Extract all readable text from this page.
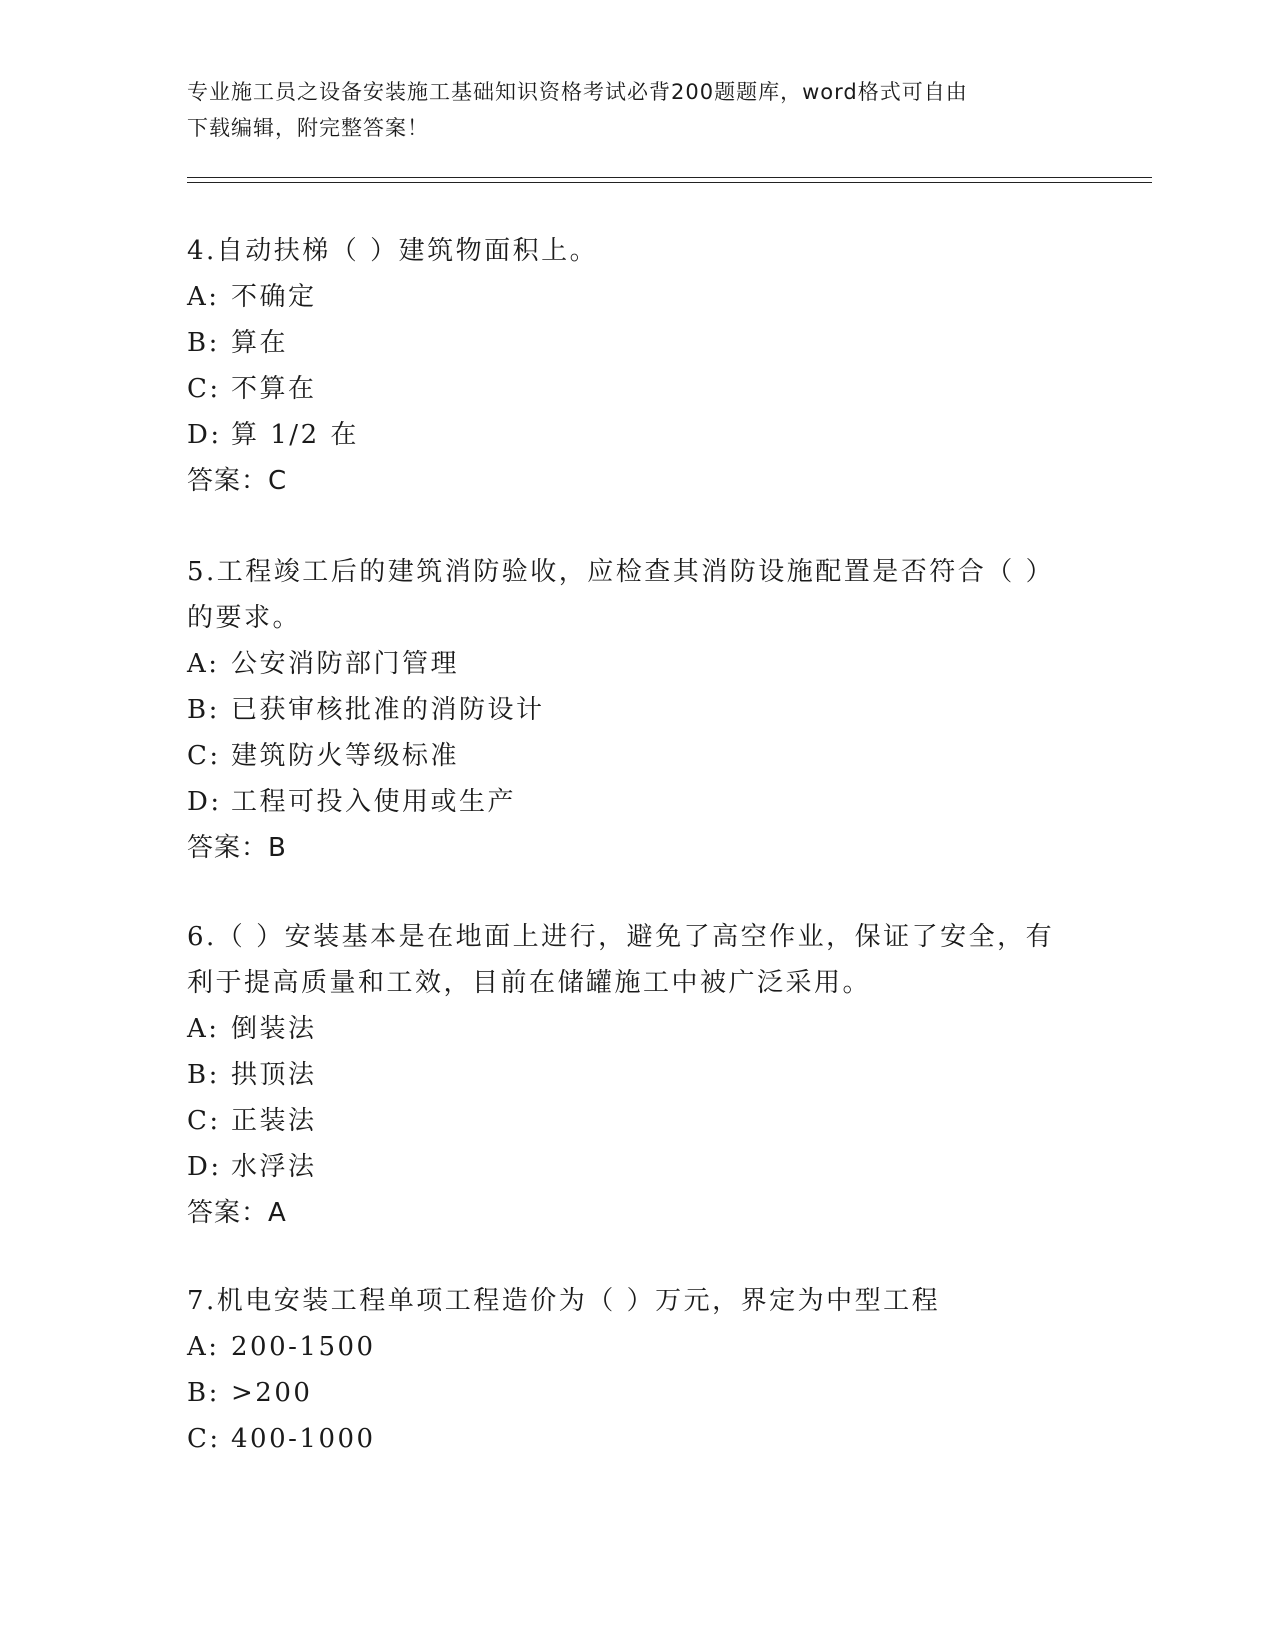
专业施工员之设备安装施工基础知识资格考试必背200题题库，word格式可自由
下载编辑，附完整答案！
4.自动扶梯（ ）建筑物面积上。
A: 不确定
B: 算在
C: 不算在
D: 算 1/2 在
答案：C
5.工程竣工后的建筑消防验收，应检查其消防设施配置是否符合（ ）
的要求。
A: 公安消防部门管理
B: 已获审核批准的消防设计
C: 建筑防火等级标准
D: 工程可投入使用或生产
答案：B
6.（ ）安装基本是在地面上进行，避免了高空作业，保证了安全，有
利于提高质量和工效，目前在储罐施工中被广泛采用。
A: 倒装法
B: 拱顶法
C: 正装法
D: 水浮法
答案：A
7.机电安装工程单项工程造价为（ ）万元，界定为中型工程
A: 200-1500
B: >200
C: 400-1000
